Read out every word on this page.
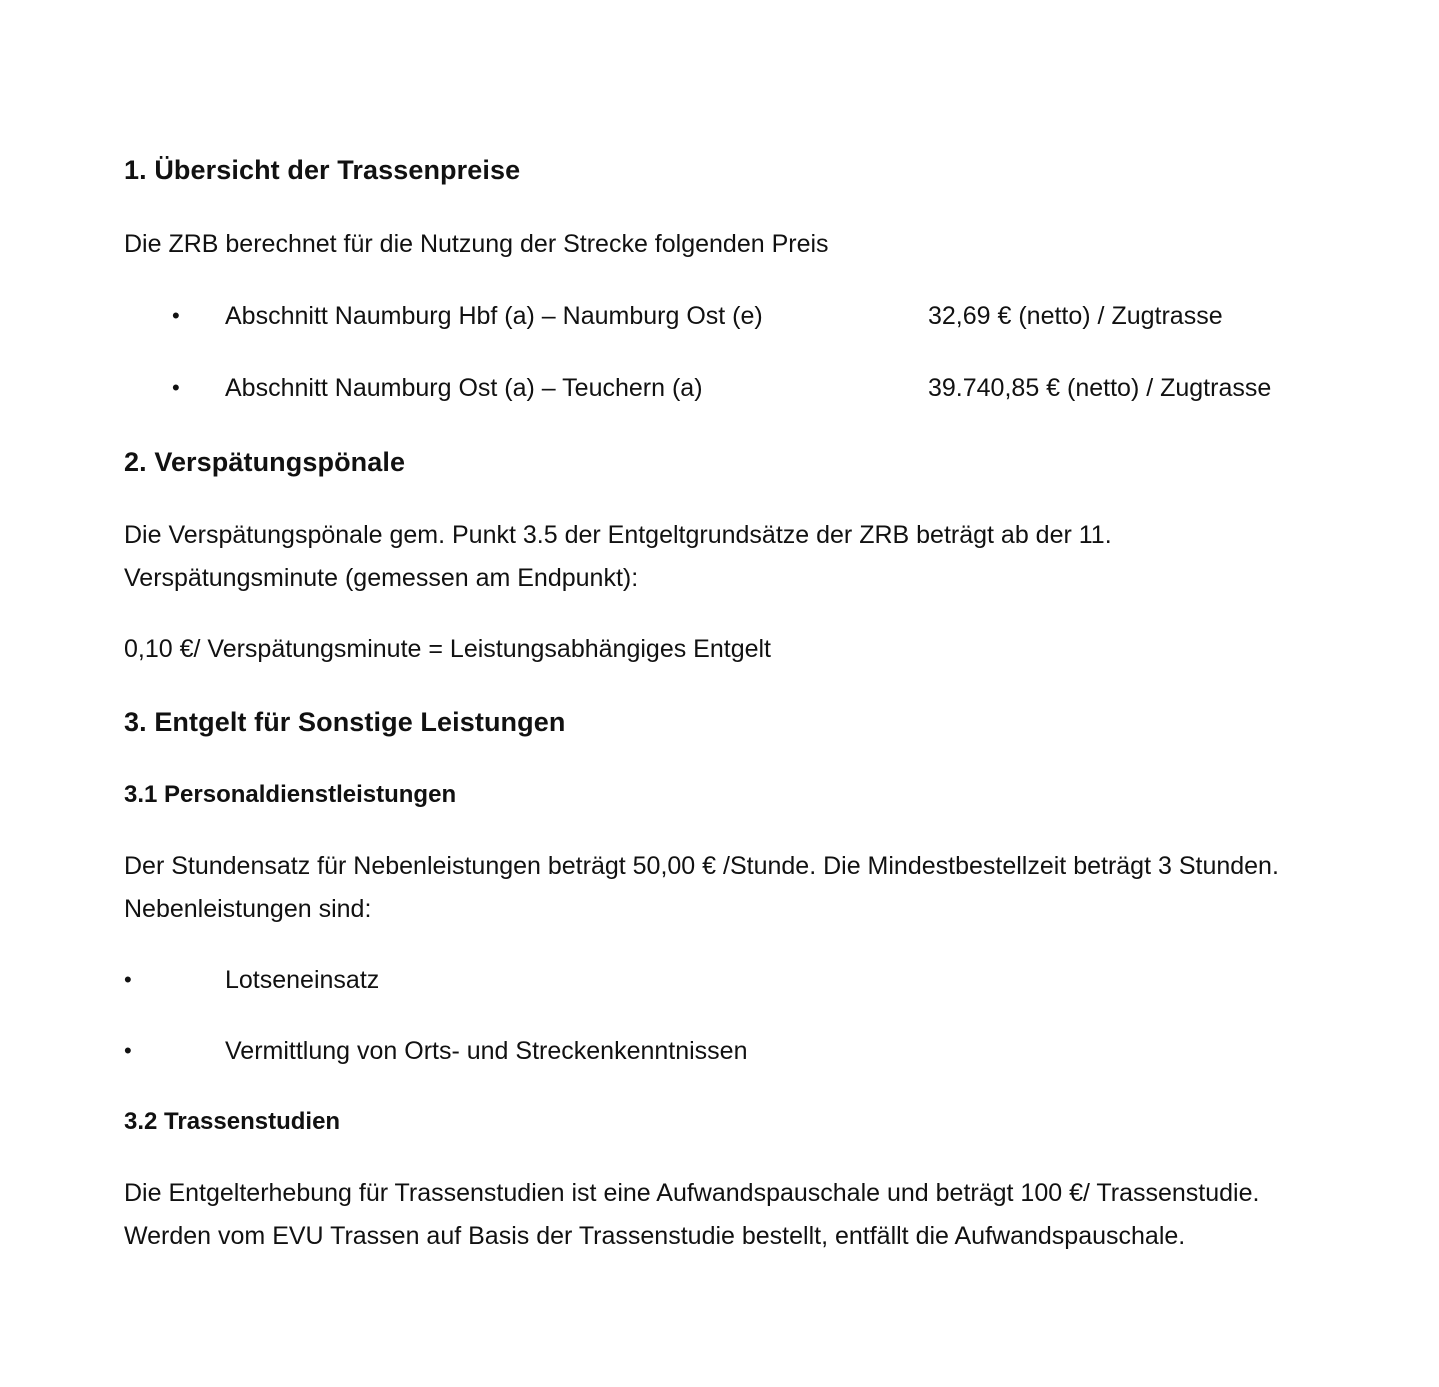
1. Übersicht der Trassenpreise
Die ZRB berechnet für die Nutzung der Strecke folgenden Preis
• Abschnitt Naumburg Hbf (a) – Naumburg Ost (e)	32,69 € (netto) / Zugtrasse
• Abschnitt Naumburg Ost (a) – Teuchern (a)	39.740,85 € (netto) / Zugtrasse
2. Verspätungspönale
Die Verspätungspönale gem. Punkt 3.5 der Entgeltgrundsätze der ZRB beträgt ab der 11.
Verspätungsminute (gemessen am Endpunkt):
0,10 €/ Verspätungsminute = Leistungsabhängiges Entgelt
3. Entgelt für Sonstige Leistungen
3.1 Personaldienstleistungen
Der Stundensatz für Nebenleistungen beträgt 50,00 € /Stunde. Die Mindestbestellzeit beträgt 3 Stunden.
Nebenleistungen sind:
•	Lotseneinsatz
•	Vermittlung von Orts- und Streckenkenntnissen
3.2 Trassenstudien
Die Entgelterhebung für Trassenstudien ist eine Aufwandspauschale und beträgt 100 €/ Trassenstudie.
Werden vom EVU Trassen auf Basis der Trassenstudie bestellt, entfällt die Aufwandspauschale.
